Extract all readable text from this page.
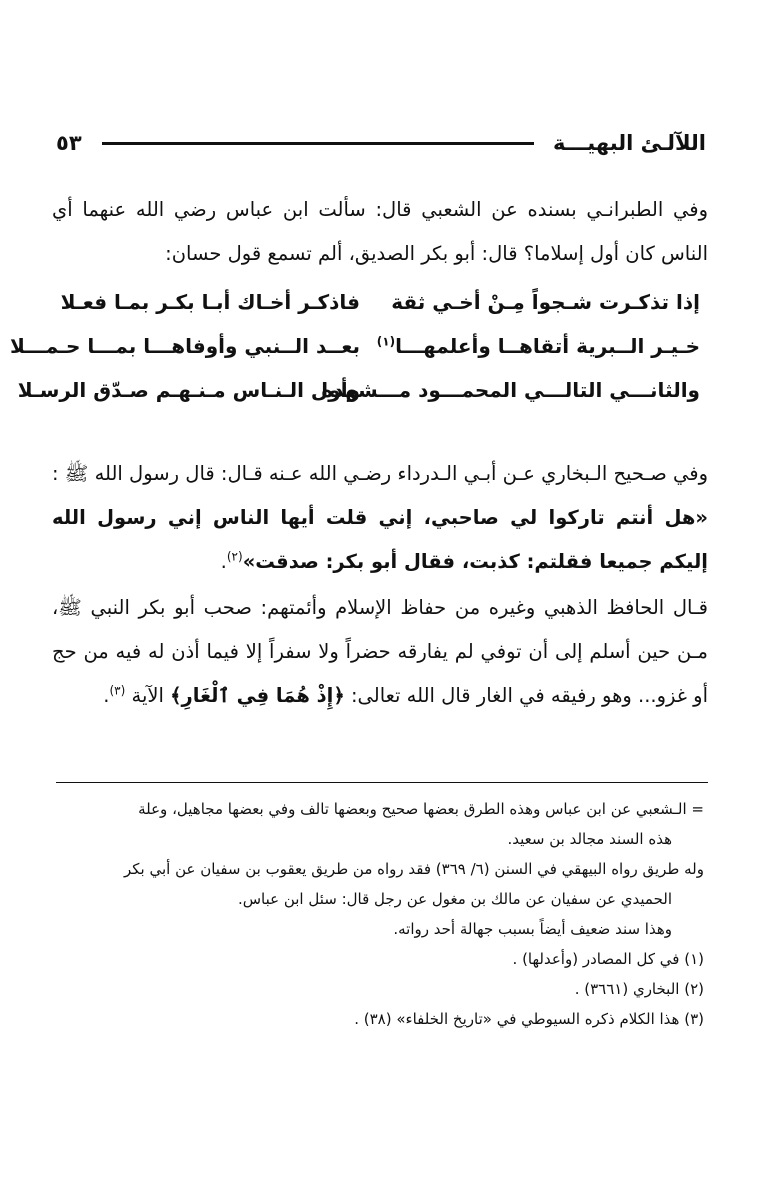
اللآلـئ البهيـــة
٥٣
وفي الطبرانـي بسنده عن الشعبي قال: سألت ابن عباس رضي الله عنهما أي الناس كان أول إسلاما؟ قال: أبو بكر الصديق، ألم تسمع قول حسان:
إذا تذكـرت شـجواً مِـنْ أخـي ثقة
فاذكـر أخـاك أبـا بكـر بمـا فعـلا
خـيـر الــبرية أتقاهــا وأعلمهـــا$^{(١)}$
بعــد الــنبي وأوفاهـــا بمـــا حـمـــلا
والثانـــي التالـــي المحمـــود مـــشهده
وأول الـنـاس مـنـهـم صـدّق الرسـلا
وفي صـحيح الـبخاري عـن أبـي الـدرداء رضـي الله عـنه قـال: قال رسول الله ﷺ : «هل أنتم تاركوا لي صاحبي، إني قلت أيها الناس إني رسول الله إليكم جميعا فقلتم: كذبت، فقال أبو بكر: صدقت»$^{(٢)}$.
قـال الحافظ الذهبي وغيره من حفاظ الإسلام وأئمتهم: صحب أبو بكر النبي ﷺ، مـن حين أسلم إلى أن توفي لم يفارقه حضراً ولا سفراً إلا فيما أذن له فيه من حج أو غزو... وهو رفيقه في الغار قال الله تعالى: ﴿إِذْ هُمَا فِي ٱلْغَارِ﴾ الآية $^{(٣)}$.
= الـشعبي عن ابن عباس وهذه الطرق بعضها صحيح وبعضها تالف وفي بعضها مجاهيل، وعلة
هذه السند مجالد بن سعيد.
وله طريق رواه البيهقي في السنن (٦/ ٣٦٩) فقد رواه من طريق يعقوب بن سفيان عن أبي بكر
الحميدي عن سفيان عن مالك بن مغول عن رجل قال: سئل ابن عباس.
وهذا سند ضعيف أيضاً بسبب جهالة أحد رواته.
(١) في كل المصادر (وأعدلها) .
(٢) البخاري (٣٦٦١) .
(٣) هذا الكلام ذكره السيوطي في «تاريخ الخلفاء» (٣٨) .
